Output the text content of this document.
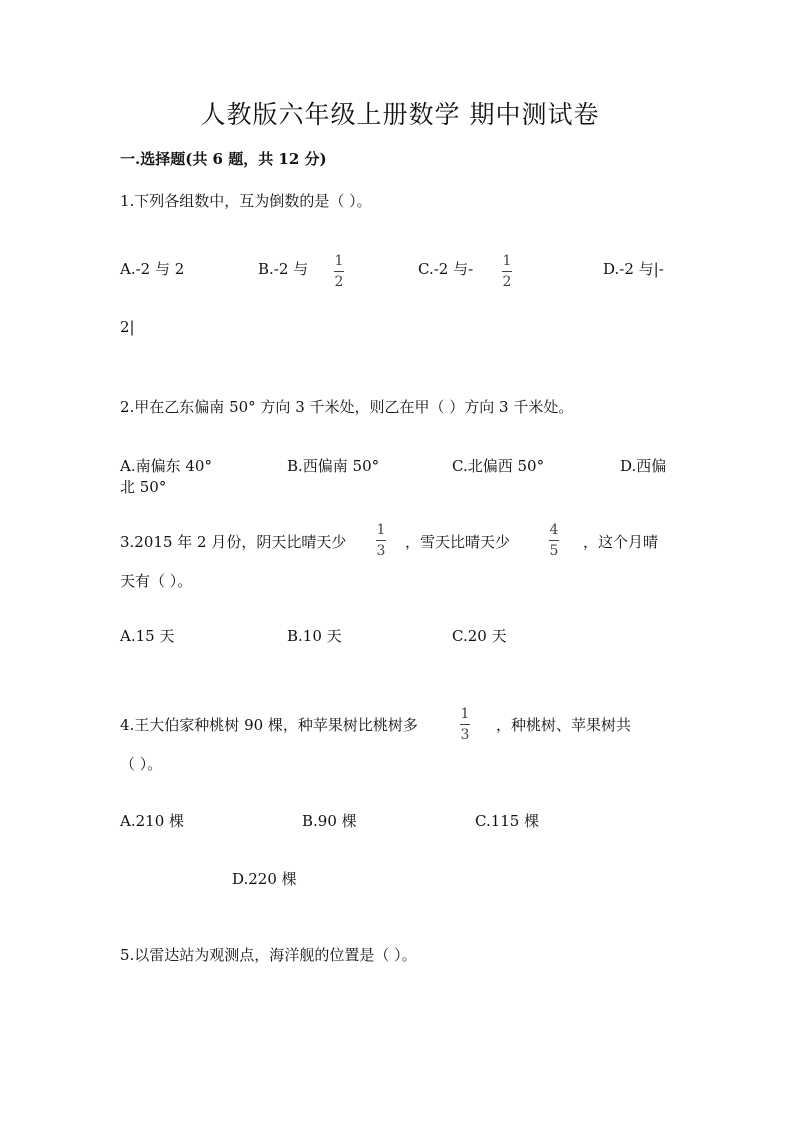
人教版六年级上册数学 期中测试卷
一.选择题(共 6 题，共 12 分)
1.下列各组数中，互为倒数的是（ ）。
A.-2 与 2	B.-2 与 1
2
C.-2 与- 1
2
D.-2 与|-
2|
2.甲在乙东偏南 50° 方向 3 千米处，则乙在甲（ ）方向 3 千米处。
A.南偏东 40°	B.西偏南 50°	C.北偏西 50°	D.西偏
北 50°
3.2015 年 2 月份，阴天比晴天少
1
3 ，雪天比晴天少
4
5 ，这个月晴
天有（ ）。
A.15 天	B.10 天	C.20 天
4.王大伯家种桃树 90 棵，种苹果树比桃树多
1
3
，种桃树、苹果树共
（ ）。
A.210 棵	B.90 棵	C.115 棵
D.220 棵
5.以雷达站为观测点，海洋舰的位置是（ ）。
